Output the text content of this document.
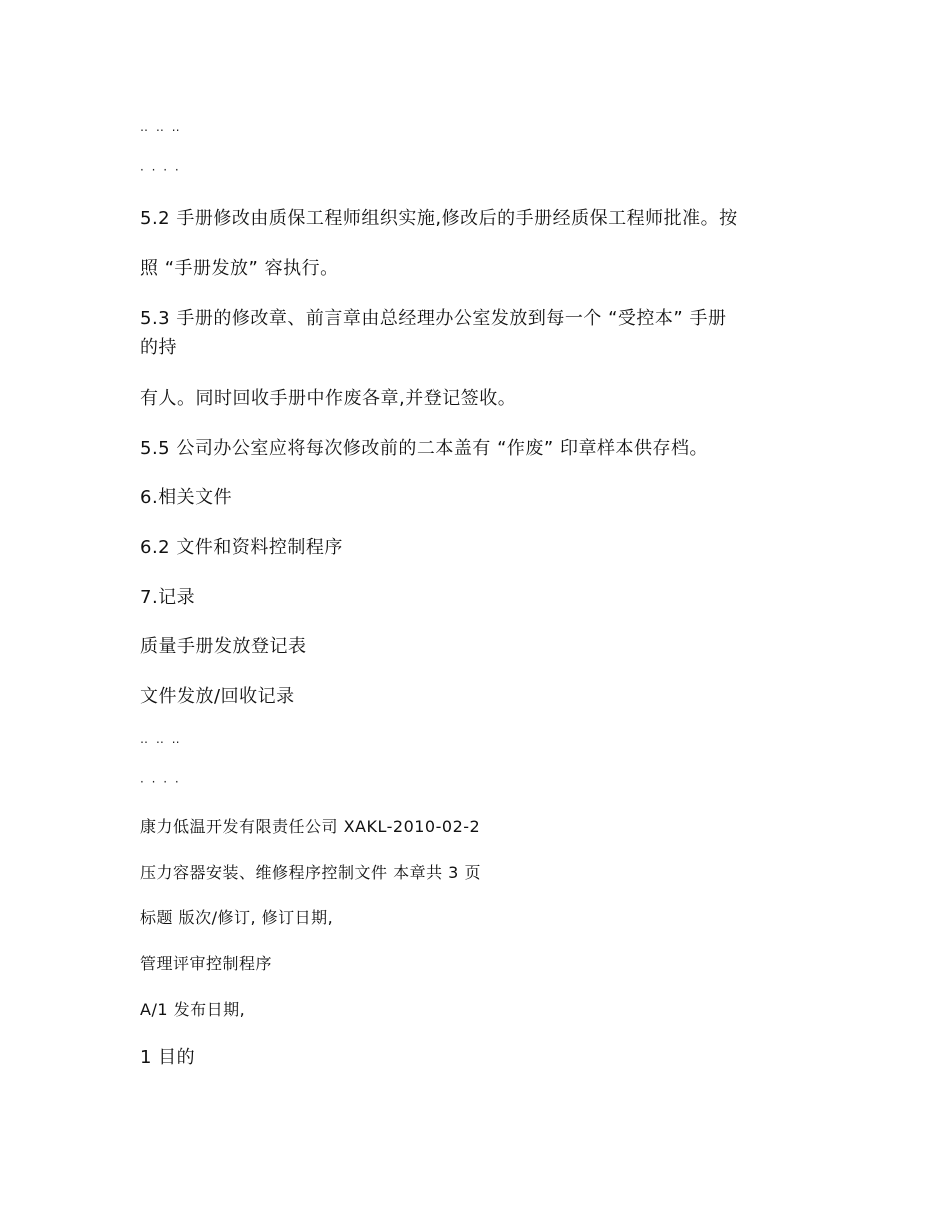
‥ ‥ ‥
· · · ·
5.2 手册修改由质保工程师组织实施,修改后的手册经质保工程师批准。按
照 “手册发放” 容执行。
5.3 手册的修改章、前言章由总经理办公室发放到每一个 “受控本” 手册
的持
有人。同时回收手册中作废各章,并登记签收。
5.5 公司办公室应将每次修改前的二本盖有 “作废” 印章样本供存档。
6.相关文件
6.2 文件和资料控制程序
7.记录
质量手册发放登记表
文件发放/回收记录
‥ ‥ ‥
· · · ·
康力低温开发有限责任公司 XAKL-2010-02-2
压力容器安装、维修程序控制文件 本章共 3 页
标题 版次/修订, 修订日期,
管理评审控制程序
A/1 发布日期,
1 目的
